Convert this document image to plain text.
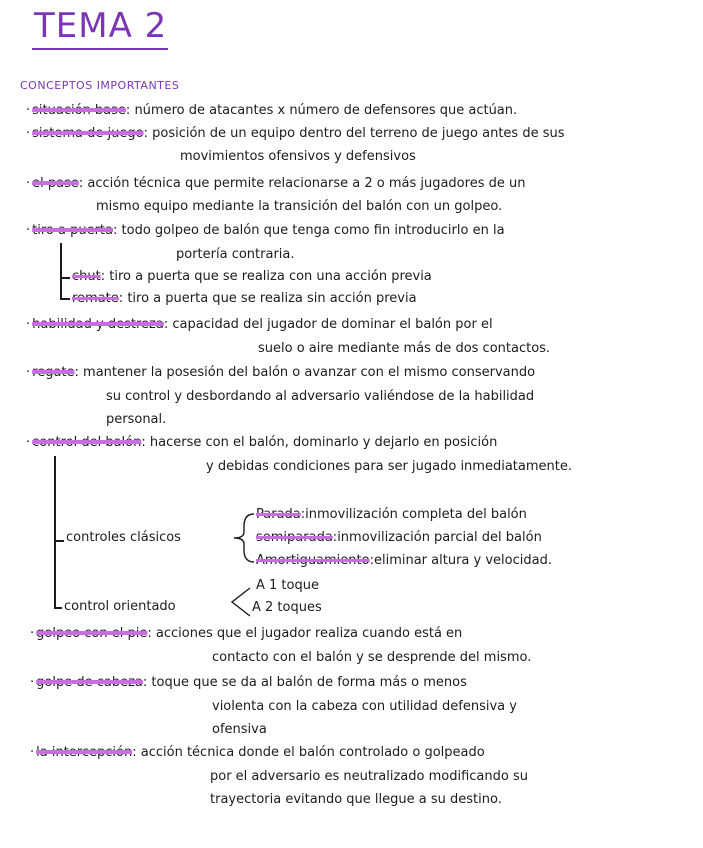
TEMA 2
CONCEPTOS IMPORTANTES
· situación base: número de atacantes x número de defensores que actúan.
· sistema de juego: posición de un equipo dentro del terreno de juego antes de sus
movimientos ofensivos y defensivos
· el pase: acción técnica que permite relacionarse a 2 o más jugadores de un
mismo equipo mediante la transición del balón con un golpeo.
· tiro a puerta: todo golpeo de balón que tenga como fin introducirlo en la
portería contraria.
chut: tiro a puerta que se realiza con una acción previa
remate: tiro a puerta que se realiza sin acción previa
· habilidad y destreza: capacidad del jugador de dominar el balón por el
suelo o aire mediante más de dos contactos.
· regate: mantener la posesión del balón o avanzar con el mismo conservando
su control y desbordando al adversario valiéndose de la habilidad
personal.
· control del balón: hacerse con el balón, dominarlo y dejarlo en posición
y debidas condiciones para ser jugado inmediatamente.
controles clásicos
Parada:inmovilización completa del balón
semiparada:inmovilización parcial del balón
Amortiguamiento:eliminar altura y velocidad.
control orientado
A 1 toque
A 2 toques
· golpeo con el pie: acciones que el jugador realiza cuando está en
contacto con el balón y se desprende del mismo.
· golpe de cabeza: toque que se da al balón de forma más o menos
violenta con la cabeza con utilidad defensiva y
ofensiva
· la intercepción: acción técnica donde el balón controlado o golpeado
por el adversario es neutralizado modificando su
trayectoria evitando que llegue a su destino.
